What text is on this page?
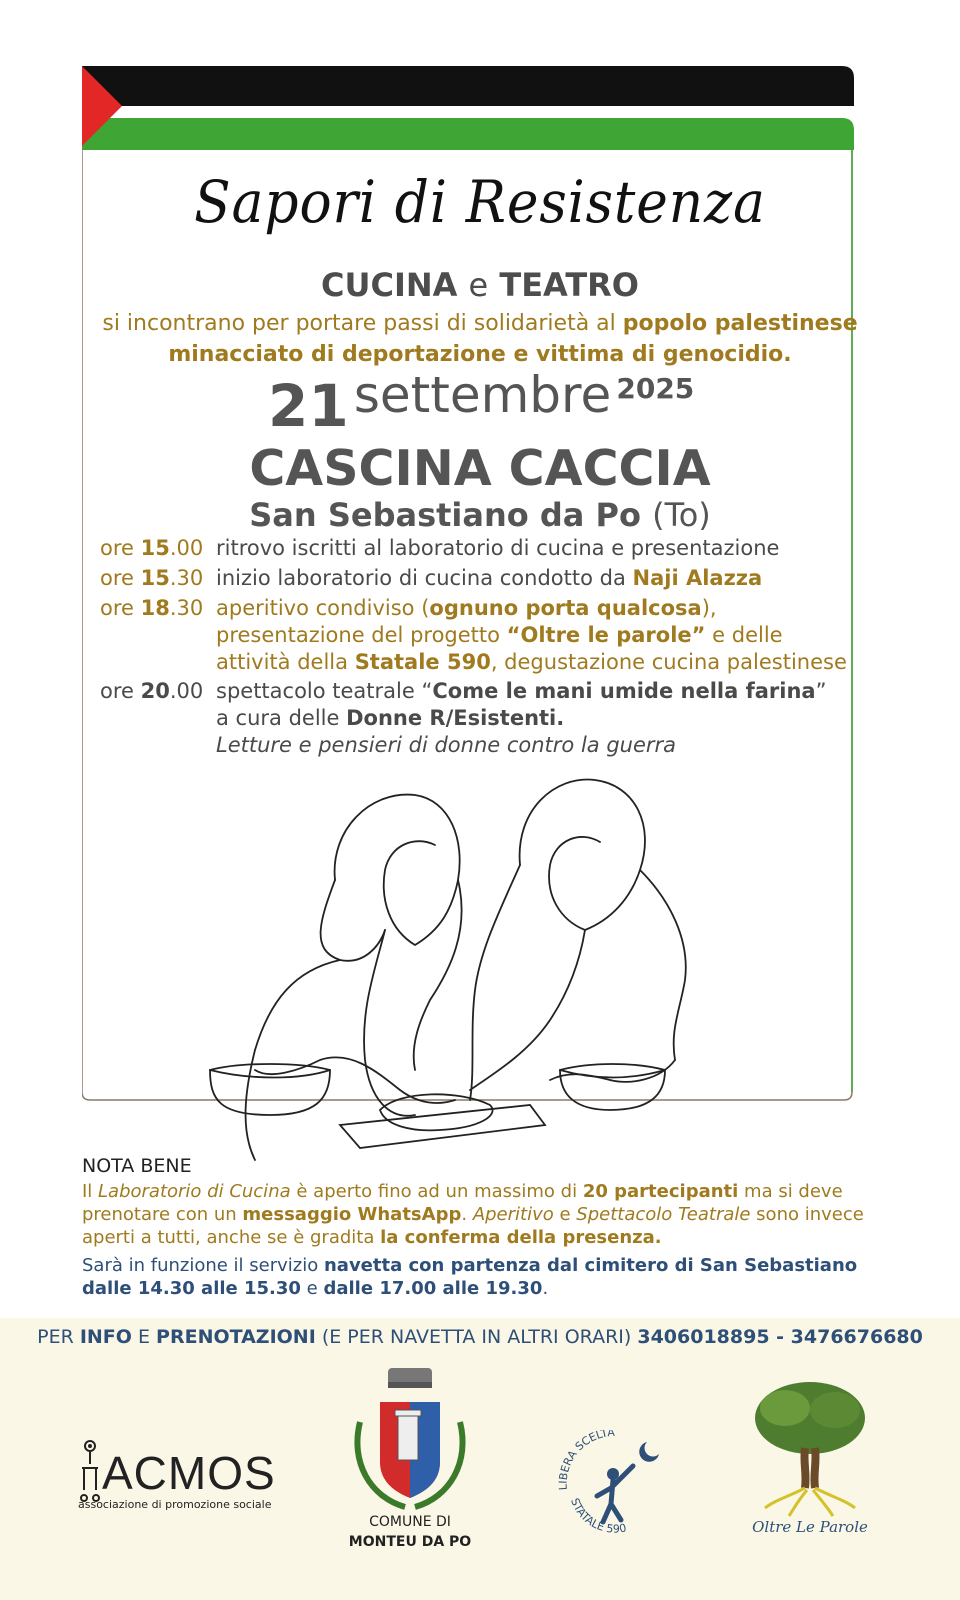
Sapori di Resistenza
CUCINA e TEATRO
si incontrano per portare passi di solidarietà al popolo palestinese
minacciato di deportazione e vittima di genocidio.
21 settembre 2025
CASCINA CACCIA
San Sebastiano da Po (To)
ore 15.00 ritrovo iscritti al laboratorio di cucina e presentazione
ore 15.30 inizio laboratorio di cucina condotto da Naji Alazza
ore 18.30 aperitivo condiviso (ognuno porta qualcosa),
presentazione del progetto “Oltre le parole” e delle
attività della Statale 590, degustazione cucina palestinese
ore 20.00 spettacolo teatrale “Come le mani umide nella farina”
a cura delle Donne R/Esistenti.
Letture e pensieri di donne contro la guerra
NOTA BENE
Il Laboratorio di Cucina è aperto fino ad un massimo di 20 partecipanti ma si deve
prenotare con un messaggio WhatsApp. Aperitivo e Spettacolo Teatrale sono invece
aperti a tutti, anche se è gradita la conferma della presenza.
Sarà in funzione il servizio navetta con partenza dal cimitero di San Sebastiano
dalle 14.30 alle 15.30 e dalle 17.00 alle 19.30.
PER INFO E PRENOTAZIONI (E PER NAVETTA IN ALTRI ORARI) 3406018895 - 3476676680
ACMOS
associazione di promozione sociale
COMUNE DI
MONTEU DA PO
LIBERA SCELTA
STATALE 590	Oltre Le Parole
